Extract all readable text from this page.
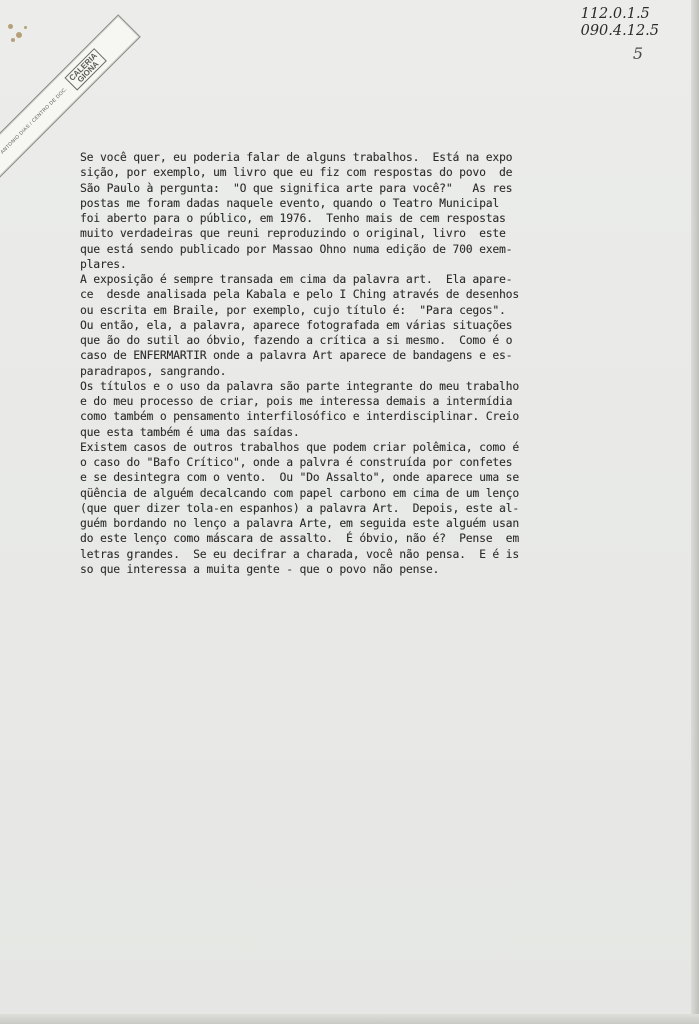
ANTONIO DIAS / CENTRO DE DOC.
CALERIA
GIONA
112.0.1.5
090.4.12.5
5
Se você quer, eu poderia falar de alguns trabalhos.  Está na expo
sição, por exemplo, um livro que eu fiz com respostas do povo  de
São Paulo à pergunta:  "O que significa arte para você?"   As res
postas me foram dadas naquele evento, quando o Teatro Municipal
foi aberto para o público, em 1976.  Tenho mais de cem respostas
muito verdadeiras que reuni reproduzindo o original, livro  este
que está sendo publicado por Massao Ohno numa edição de 700 exem-
plares.
A exposição é sempre transada em cima da palavra art.  Ela apare-
ce  desde analisada pela Kabala e pelo I Ching através de desenhos
ou escrita em Braile, por exemplo, cujo título é:  "Para cegos".
Ou então, ela, a palavra, aparece fotografada em várias situações
que ão do sutil ao óbvio, fazendo a crítica a si mesmo.  Como é o
caso de ENFERMARTIR onde a palavra Art aparece de bandagens e es-
paradrapos, sangrando.
Os títulos e o uso da palavra são parte integrante do meu trabalho
e do meu processo de criar, pois me interessa demais a intermídia
como também o pensamento interfilosófico e interdisciplinar. Creio
que esta também é uma das saídas.
Existem casos de outros trabalhos que podem criar polêmica, como é
o caso do "Bafo Crítico", onde a palvra é construída por confetes
e se desintegra com o vento.  Ou "Do Assalto", onde aparece uma se
qüência de alguém decalcando com papel carbono em cima de um lenço
(que quer dizer tola-en espanhos) a palavra Art.  Depois, este al-
guém bordando no lenço a palavra Arte, em seguida este alguém usan
do este lenço como máscara de assalto.  É óbvio, não é?  Pense  em
letras grandes.  Se eu decifrar a charada, você não pensa.  E é is
so que interessa a muita gente - que o povo não pense.
